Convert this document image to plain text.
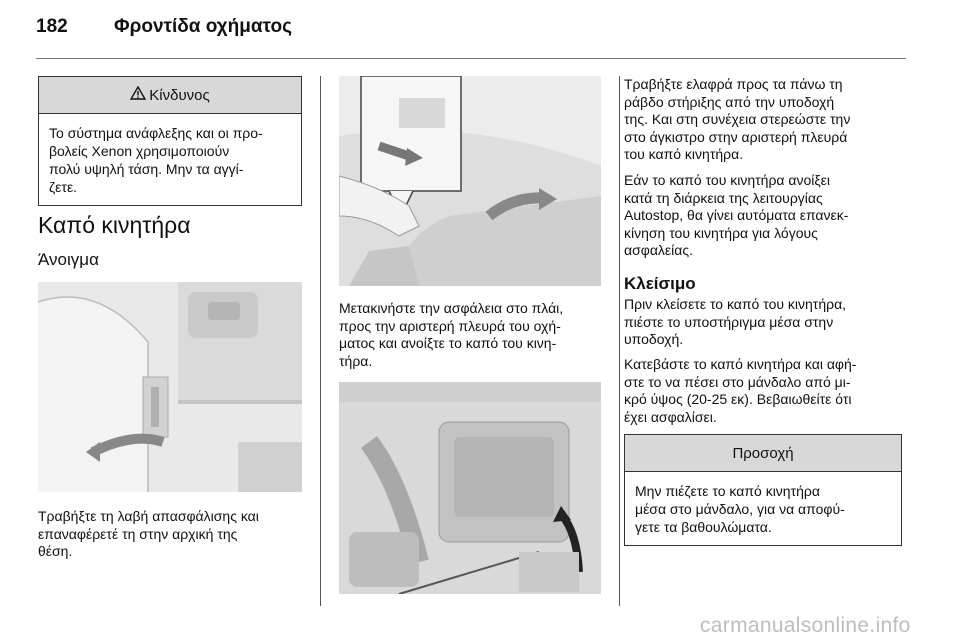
182 Φροντίδα οχήματος
Κίνδυνος
Το σύστημα ανάφλεξης και οι προ-
βολείς Xenon χρησιμοποιούν
πολύ υψηλή τάση. Μην τα αγγί-
ζετε.
Καπό κινητήρα
Άνοιγμα
Τραβήξτε τη λαβή απασφάλισης και
επαναφέρετέ τη στην αρχική της
θέση.
Μετακινήστε την ασφάλεια στο πλάι,
προς την αριστερή πλευρά του οχή-
ματος και ανοίξτε το καπό του κινη-
τήρα.
Τραβήξτε ελαφρά προς τα πάνω τη
ράβδο στήριξης από την υποδοχή
της. Και στη συνέχεια στερεώστε την
στο άγκιστρο στην αριστερή πλευρά
του καπό κινητήρα.
Εάν το καπό του κινητήρα ανοίξει
κατά τη διάρκεια της λειτουργίας
Autostop, θα γίνει αυτόματα επανεκ-
κίνηση του κινητήρα για λόγους
ασφαλείας.
Κλείσιμο
Πριν κλείσετε το καπό του κινητήρα,
πιέστε το υποστήριγμα μέσα στην
υποδοχή.
Κατεβάστε το καπό κινητήρα και αφή-
στε το να πέσει στο μάνδαλο από μι-
κρό ύψος (20-25 εκ). Βεβαιωθείτε ότι
έχει ασφαλίσει.
Προσοχή
Μην πιέζετε το καπό κινητήρα
μέσα στο μάνδαλο, για να αποφύ-
γετε τα βαθουλώματα.
carmanualsonline.info
